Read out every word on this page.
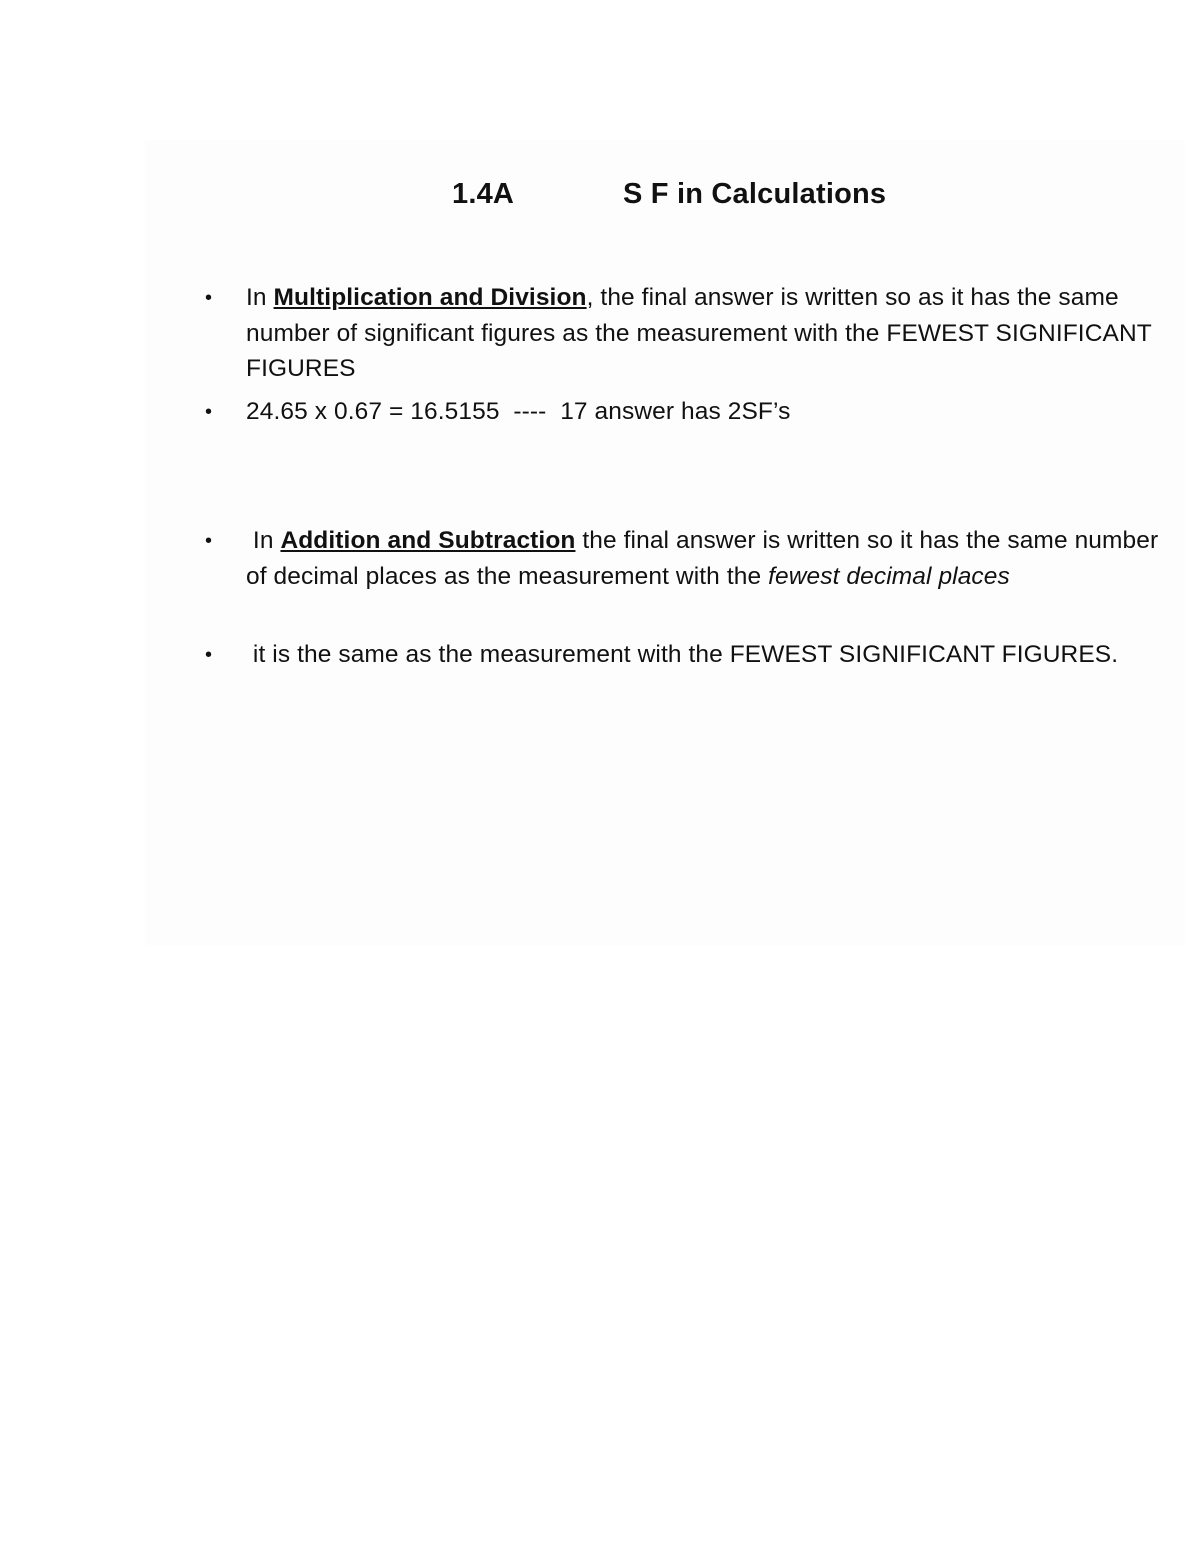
1.4A	S F in Calculations
• In Multiplication and Division, the final answer is written so as it has the same number of significant figures as the measurement with the FEWEST SIGNIFICANT FIGURES
• 24.65 x 0.67 = 16.5155  ----  17 answer has 2SF’s
• In Addition and Subtraction the final answer is written so it has the same number of decimal places as the measurement with the fewest decimal places
• it is the same as the measurement with the FEWEST SIGNIFICANT FIGURES.
